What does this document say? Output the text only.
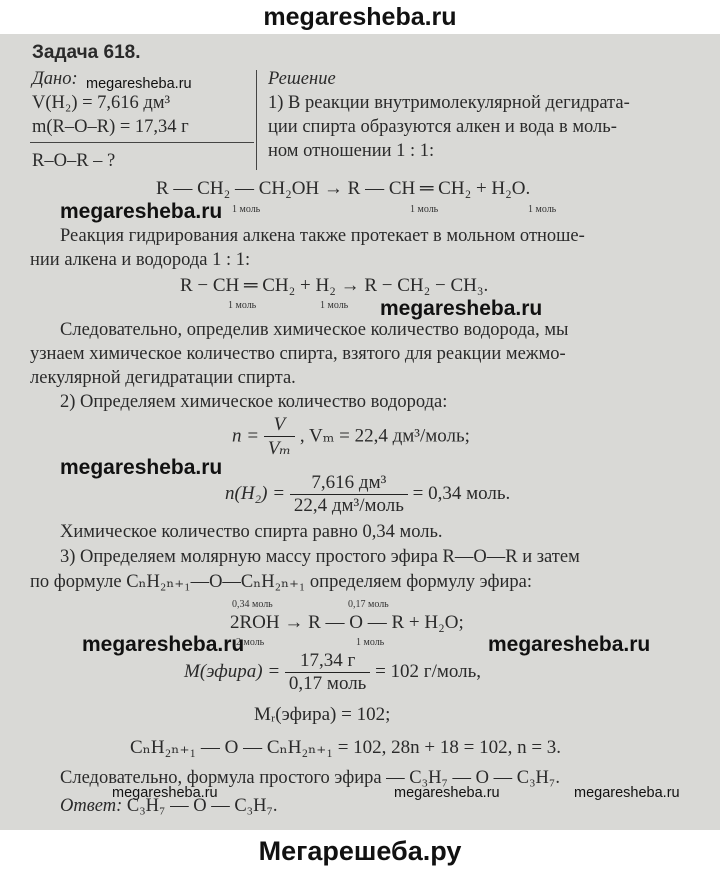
megaresheba.ru
Задача 618.
Дано: megaresheba.ru
V(H₂) = 7,616 дм³
m(R–O–R) = 17,34 г
R–O–R – ?
Решение
1) В реакции внутримолекулярной дегидрата-
ции спирта образуются алкен и вода в моль-
ном отношении 1 : 1:
R — CH₂ — CH₂OH → R — CH ═ CH₂ + H₂O.
1 моль	1 моль	1 моль
megaresheba.ru
Реакция гидрирования алкена также протекает в мольном отноше-
нии алкена и водорода 1 : 1:
R − CH ═ CH₂ + H₂ → R − CH₂ − CH₃.
1 моль	1 моль megaresheba.ru
Следовательно, определив химическое количество водорода, мы
узнаем химическое количество спирта, взятого для реакции межмо-
лекулярной дегидратации спирта.
2) Определяем химическое количество водорода:
$n = \frac{V}{\text{Vₘ}}$ , Vₘ = 22,4 дм³/моль;
megaresheba.ru
$n(H_2) = \frac{\text{7,616 дм³}}{\text{22,4 дм³/моль}} = 0,34$ моль.
Химическое количество спирта равно 0,34 моль.
3) Определяем молярную массу простого эфира R—O—R и затем
по формуле CₙH₂ₙ₊₁—O—CₙH₂ₙ₊₁ определяем формулу эфира:
0,34 моль	0,17 моль
2ROH → R — O — R + H₂O;
2 моль	1 моль
megaresheba.ru	megaresheba.ru
M(эфира) = $\frac{17,34 г}{\text{0,17 моль}} = 102$ г/моль,
Mᵣ(эфира) = 102;
CₙH₂ₙ₊₁ — O — CₙH₂ₙ₊₁ = 102, 28n + 18 = 102, n = 3.
Следовательно, формула простого эфира — C₃H₇ — O — C₃H₇.
megaresheba.ru	megaresheba.ru	megaresheba.ru
Ответ: C₃H₇ — O — C₃H₇.
Мегарешеба.ру
